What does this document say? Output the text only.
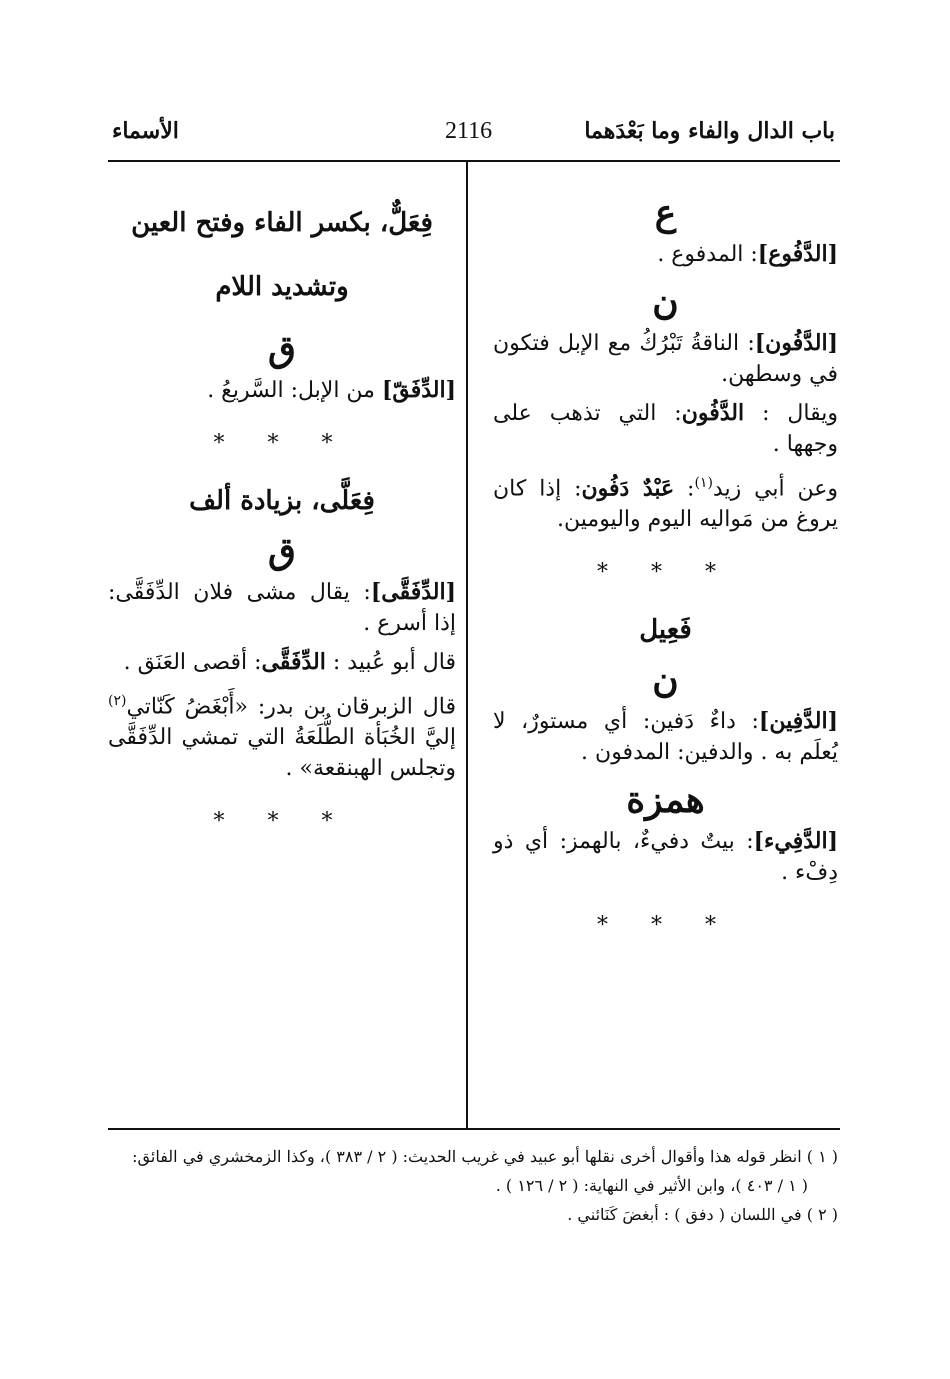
باب الدال والفاء وما بَعْدَهما
2116
الأسماء
ع

[الدَّفُوع]: المدفوع .

ن

[الدَّفُون]: الناقةُ تَبْرُكُ مع الإبل فتكون في وسطهن.

ويقال : الدَّفُون: التي تذهب على وجهها .

وعن أبي زيد$^{(١)}$: عَبْدٌ دَفُون: إذا كان يروغ من مَواليه اليوم واليومين.

* * *
فَعِيل
ن

[الدَّفِين]: داءٌ دَفين: أي مستورٌ، لا يُعلَم به . والدفين: المدفون .

همزة

[الدَّفِيء]: بيتٌ دفيءٌ، بالهمز: أي ذو دِفْء .

* * *
فِعَلٌّ، بكسر الفاء وفتح العين وتشديد اللام
ق

[الدِّفَقّ] من الإبل: السَّريعُ .

* * *
فِعَلَّى، بزيادة ألف
ق

[الدِّفَقَّى]: يقال مشى فلان الدِّفَقَّى: إذا أسرع .

قال أبو عُبيد : الدِّفَقَّى: أقصى العَنَق .

قال الزبرقان بن بدر: «أَبْغَضُ كَنّاتي$^{(٢)}$ إليَّ الخُبَأة الطُّلَعَةُ التي تمشي الدِّفَقَّى وتجلس الهبنقعة» .

* * *

( ١ ) انظر قوله هذا وأقوال أخرى نقلها أبو عبيد في غريب الحديث: ( ٢ / ٣٨٣ )، وكذا الزمخشري في الفائق:

( ١ / ٤٠٣ )، وابن الأثير في النهاية: ( ٢ / ١٢٦ ) .

( ٢ ) في اللسان ( دفق ) : أبغضَ كَنَائني .
